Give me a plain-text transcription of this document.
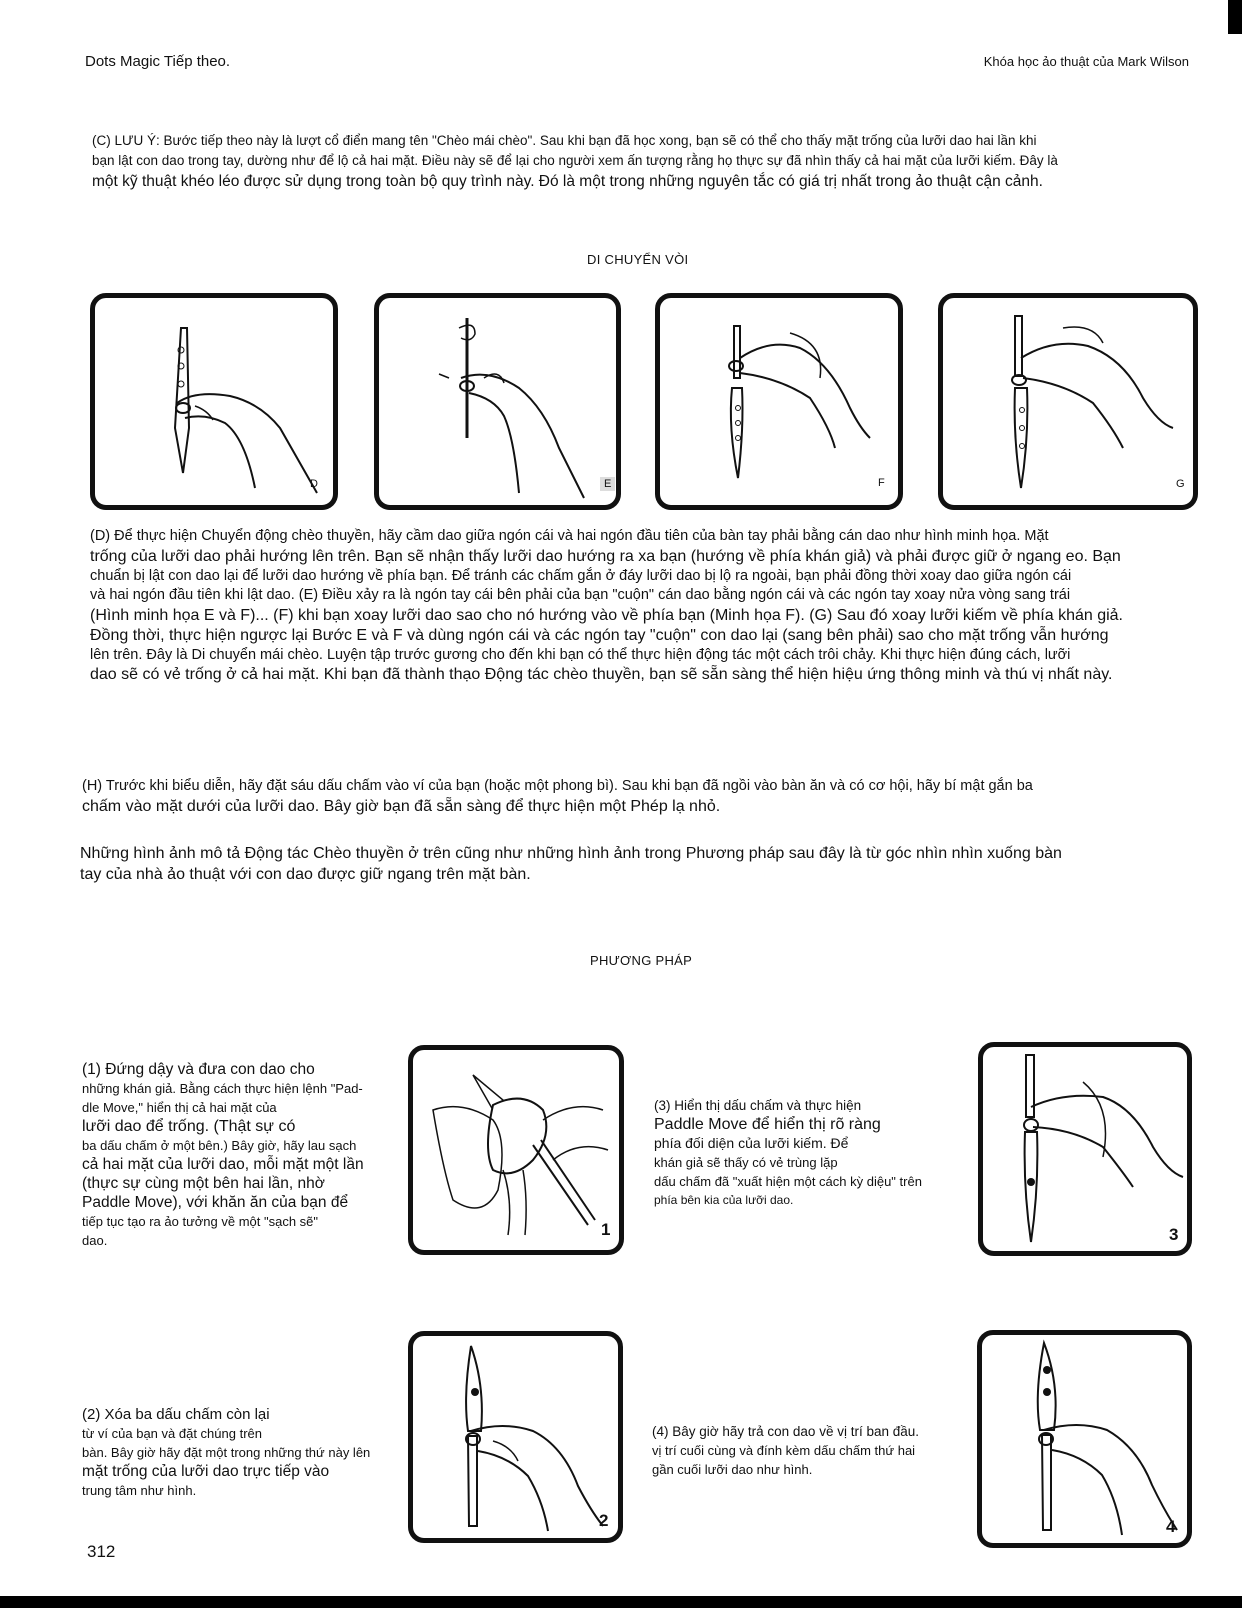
Dots Magic Tiếp theo.	Khóa học ảo thuật của Mark Wilson
(C) LƯU Ý: Bước tiếp theo này là lượt cổ điển mang tên "Chèo mái chèo". Sau khi bạn đã học xong, bạn sẽ có thể cho thấy mặt trống của lưỡi dao hai lần khi
bạn lật con dao trong tay, dường như để lộ cả hai mặt. Điều này sẽ để lại cho người xem ấn tượng rằng họ thực sự đã nhìn thấy cả hai mặt của lưỡi kiếm. Đây là
một kỹ thuật khéo léo được sử dụng trong toàn bộ quy trình này. Đó là một trong những nguyên tắc có giá trị nhất trong ảo thuật cận cảnh.
DI CHUYỂN VÒI
D	E	F	G
(D) Để thực hiện Chuyển động chèo thuyền, hãy cầm dao giữa ngón cái và hai ngón đầu tiên của bàn tay phải bằng cán dao như hình minh họa. Mặt
trống của lưỡi dao phải hướng lên trên. Bạn sẽ nhận thấy lưỡi dao hướng ra xa bạn (hướng về phía khán giả) và phải được giữ ở ngang eo. Bạn
chuẩn bị lật con dao lại để lưỡi dao hướng về phía bạn. Để tránh các chấm gắn ở đáy lưỡi dao bị lộ ra ngoài, bạn phải đồng thời xoay dao giữa ngón cái
và hai ngón đầu tiên khi lật dao. (E) Điều xảy ra là ngón tay cái bên phải của bạn "cuộn" cán dao bằng ngón cái và các ngón tay xoay nửa vòng sang trái
(Hình minh họa E và F)... (F) khi bạn xoay lưỡi dao sao cho nó hướng vào về phía bạn (Minh họa F). (G) Sau đó xoay lưỡi kiếm về phía khán giả.
Đồng thời, thực hiện ngược lại Bước E và F và dùng ngón cái và các ngón tay "cuộn" con dao lại (sang bên phải) sao cho mặt trống vẫn hướng
lên trên. Đây là Di chuyển mái chèo. Luyện tập trước gương cho đến khi bạn có thể thực hiện động tác một cách trôi chảy. Khi thực hiện đúng cách, lưỡi
dao sẽ có vẻ trống ở cả hai mặt. Khi bạn đã thành thạo Động tác chèo thuyền, bạn sẽ sẵn sàng thể hiện hiệu ứng thông minh và thú vị nhất này.
(H) Trước khi biểu diễn, hãy đặt sáu dấu chấm vào ví của bạn (hoặc một phong bì). Sau khi bạn đã ngồi vào bàn ăn và có cơ hội, hãy bí mật gắn ba
chấm vào mặt dưới của lưỡi dao. Bây giờ bạn đã sẵn sàng để thực hiện một Phép lạ nhỏ.
Những hình ảnh mô tả Động tác Chèo thuyền ở trên cũng như những hình ảnh trong Phương pháp sau đây là từ góc nhìn nhìn xuống bàn
tay của nhà ảo thuật với con dao được giữ ngang trên mặt bàn.
PHƯƠNG PHÁP
(1) Đứng dậy và đưa con dao cho
những khán giả. Bằng cách thực hiện lệnh "Pad-
dle Move," hiển thị cả hai mặt của
lưỡi dao để trống. (Thật sự có
ba dấu chấm ở một bên.) Bây giờ, hãy lau sạch
cả hai mặt của lưỡi dao, mỗi mặt một lần
(thực sự cùng một bên hai lần, nhờ
Paddle Move), với khăn ăn của bạn để
tiếp tục tạo ra ảo tưởng về một "sạch sẽ"
dao.
1
(3) Hiển thị dấu chấm và thực hiện
Paddle Move để hiển thị rõ ràng
phía đối diện của lưỡi kiếm. Để
khán giả sẽ thấy có vẻ trùng lặp
dấu chấm đã "xuất hiện một cách kỳ diệu" trên
phía bên kia của lưỡi dao.
3
(2) Xóa ba dấu chấm còn lại
từ ví của bạn và đặt chúng trên
bàn. Bây giờ hãy đặt một trong những thứ này lên
mặt trống của lưỡi dao trực tiếp vào
trung tâm như hình.
2
(4) Bây giờ hãy trả con dao về vị trí ban đầu.
vị trí cuối cùng và đính kèm dấu chấm thứ hai
gần cuối lưỡi dao như hình.
4
312
